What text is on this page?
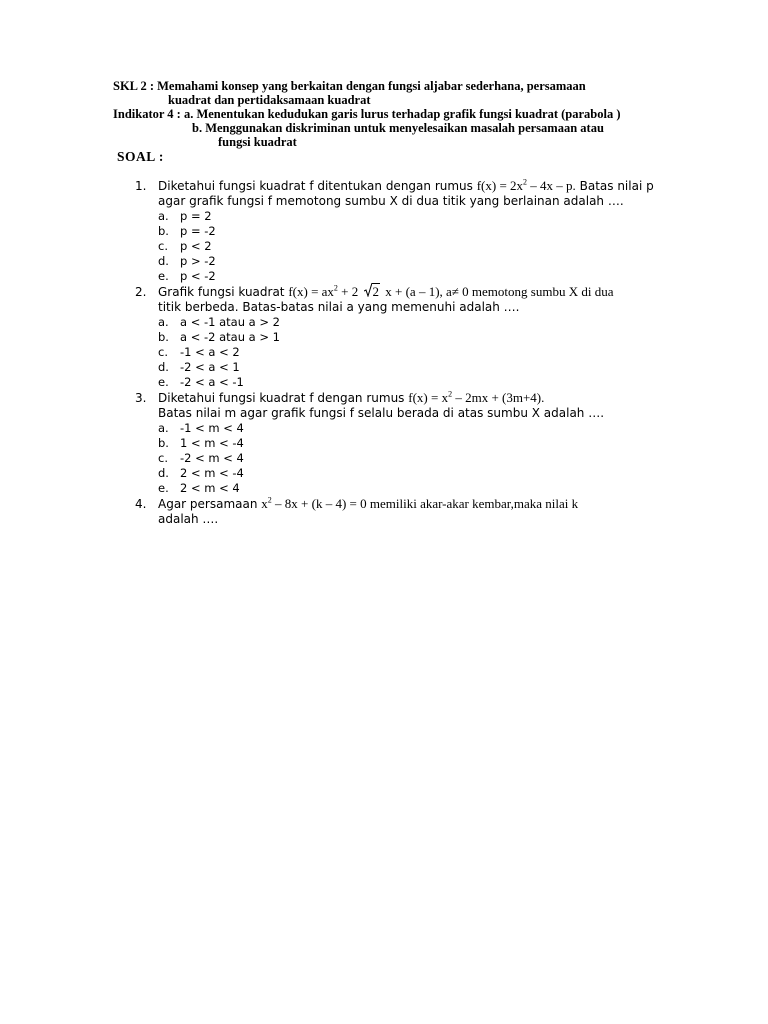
SKL 2 : Memahami konsep yang berkaitan dengan fungsi aljabar sederhana, persamaan
kuadrat dan pertidaksamaan kuadrat
Indikator 4 : a. Menentukan kedudukan garis lurus terhadap grafik fungsi kuadrat (parabola )
b. Menggunakan diskriminan untuk menyelesaikan masalah persamaan atau
fungsi kuadrat
SOAL :
1. Diketahui fungsi kuadrat f ditentukan dengan rumus $f(x) = 2x^2 - 4x - p$. Batas nilai p
agar grafik fungsi f memotong sumbu X di dua titik yang berlainan adalah ….
a. p = 2
b. p = -2
c. p < 2
d. p > -2
e. p < -2
2. Grafik fungsi kuadrat $f(x) = ax^2 + 2$
2 x + (a – 1), a≠ 0 memotong sumbu X di dua
titik berbeda. Batas-batas nilai a yang memenuhi adalah ….
a. a < -1 atau a > 2
b. a < -2 atau a > 1
c. -1 < a < 2
d. -2 < a < 1
e. -2 < a < -1
3. Diketahui fungsi kuadrat f dengan rumus $f(x) = x^2 - 2mx + (3m+4)$.
Batas nilai m agar grafik fungsi f selalu berada di atas sumbu X adalah ….
a. -1 < m < 4
b. 1 < m < -4
c. -2 < m < 4
d. 2 < m < -4
e. 2 < m < 4
4. Agar persamaan $x^2 - 8x + (k - 4) = 0$ memiliki akar-akar kembar,maka nilai k
adalah ….
